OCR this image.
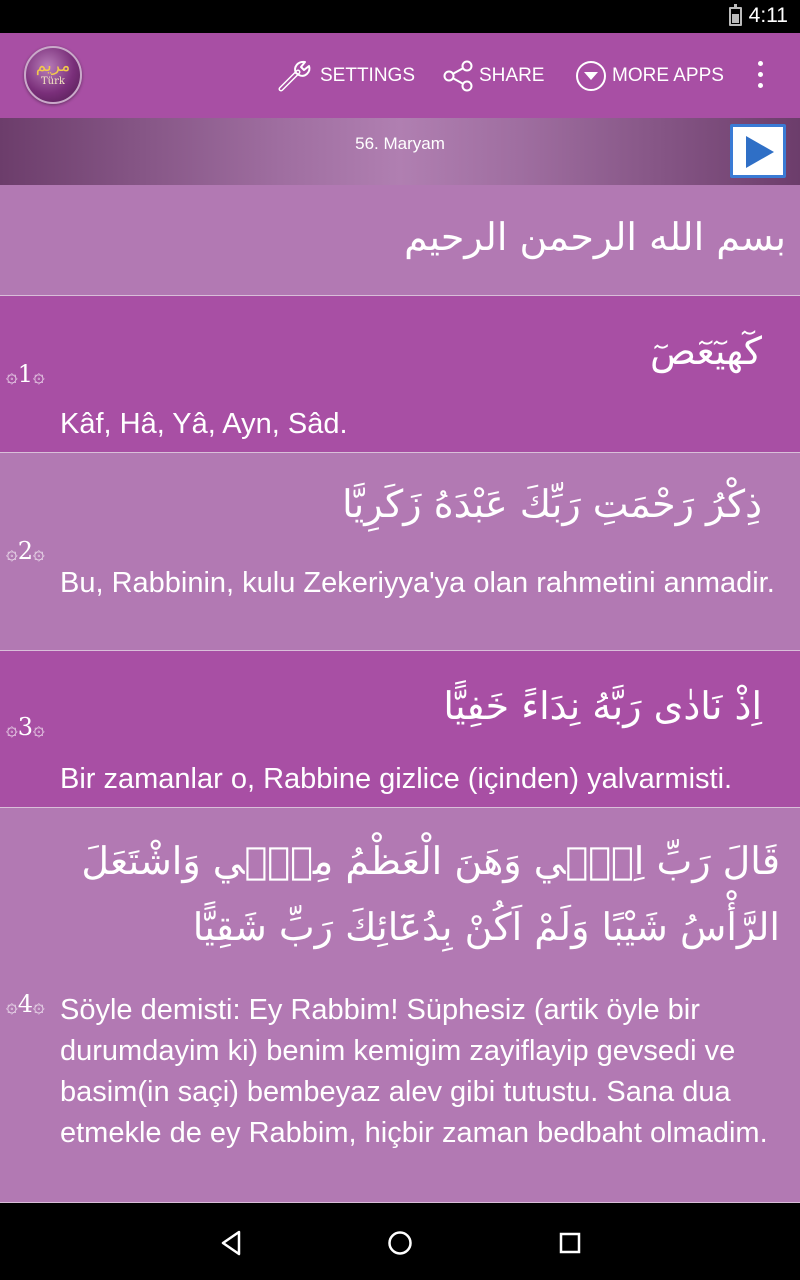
4:11
مريم
Türk	SETTINGS	SHARE	MORE APPS
56. Maryam
بسم الله الرحمن الرحيم
كٓهيٓعٓصٓ
۞1۞
Kâf, Hâ, Yâ, Ayn, Sâd.
ذِكْرُ رَحْمَتِ رَبِّكَ عَبْدَهُ زَكَرِيَّا
۞2۞
Bu, Rabbinin, kulu Zekeriyya'ya olan rahmetini anmadir.
اِذْ نَادٰى رَبَّهُ نِدَاءً خَفِيًّا
۞3۞
Bir zamanlar o, Rabbine gizlice (içinden) yalvarmisti.
قَالَ رَبِّ اِنّ۪ي وَهَنَ الْعَظْمُ مِنّ۪ي وَاشْتَعَلَ الرَّأْسُ شَيْبًا وَلَمْ اَكُنْ بِدُعَٓائِكَ رَبِّ شَقِيًّا
۞4۞ Söyle demisti: Ey Rabbim! Süphesiz (artik öyle bir durumdayim ki) benim kemigim zayiflayip gevsedi ve basim(in saçi) bembeyaz alev gibi tutustu. Sana dua etmekle de ey Rabbim, hiçbir zaman bedbaht olmadim.
